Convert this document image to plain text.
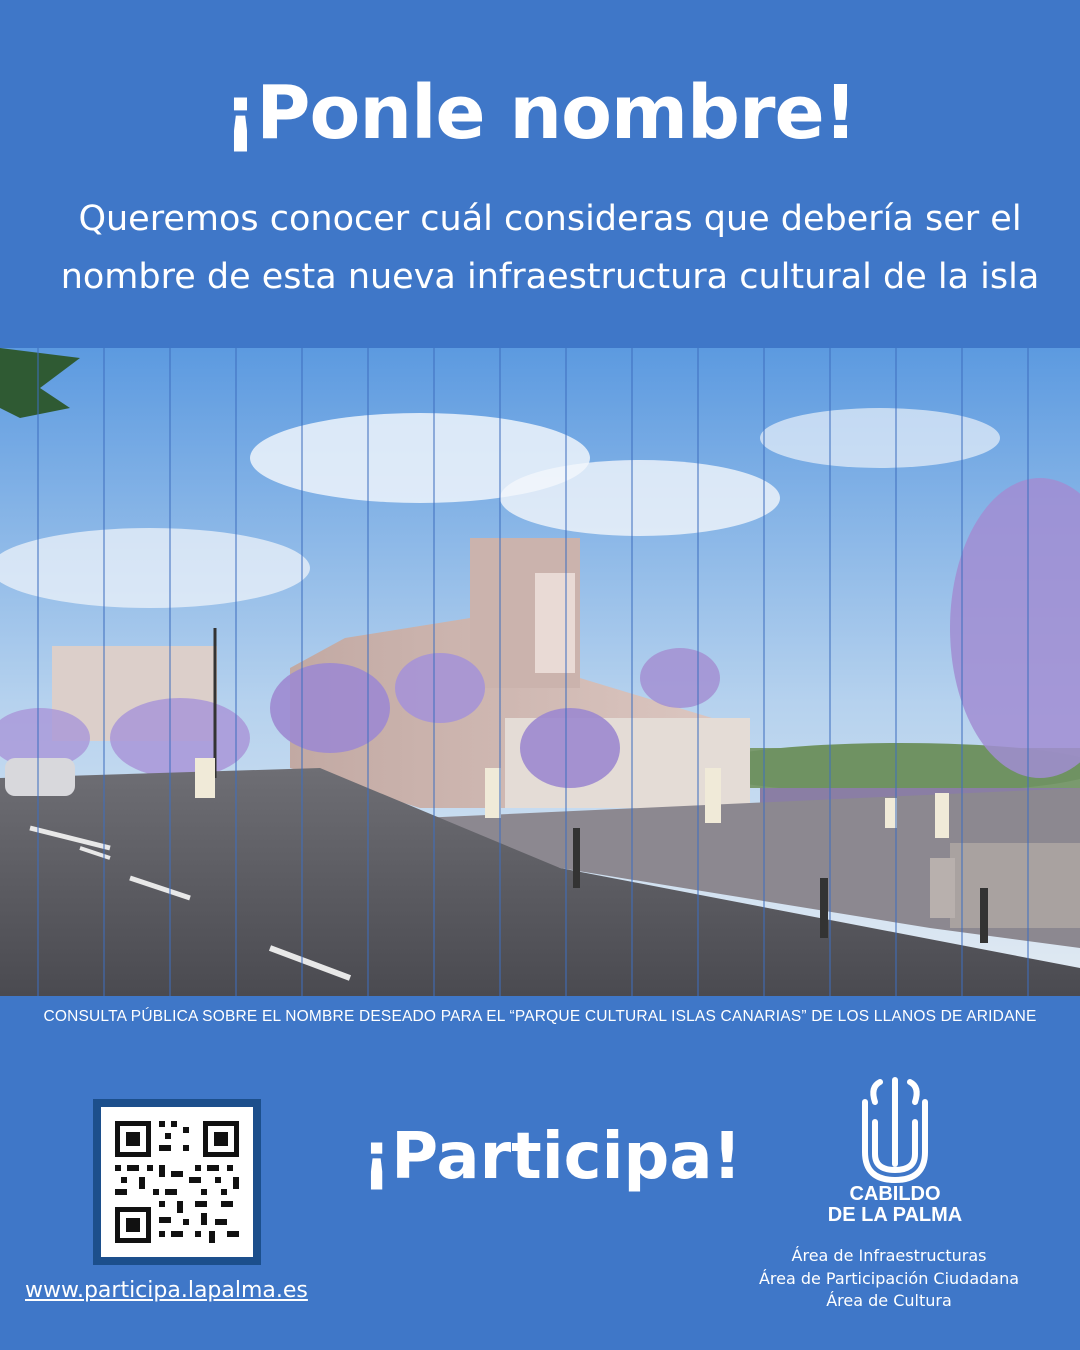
¡Ponle nombre!
Queremos conocer cuál consideras que debería ser el
nombre de esta nueva infraestructura cultural de la isla
CONSULTA PÚBLICA SOBRE EL NOMBRE DESEADO PARA EL “PARQUE CULTURAL ISLAS CANARIAS” DE LOS LLANOS DE ARIDANE
www.participa.lapalma.es
¡Participa!	CABILDO
DE LA PALMA
Área de Infraestructuras
Área de Participación Ciudadana
Área de Cultura
